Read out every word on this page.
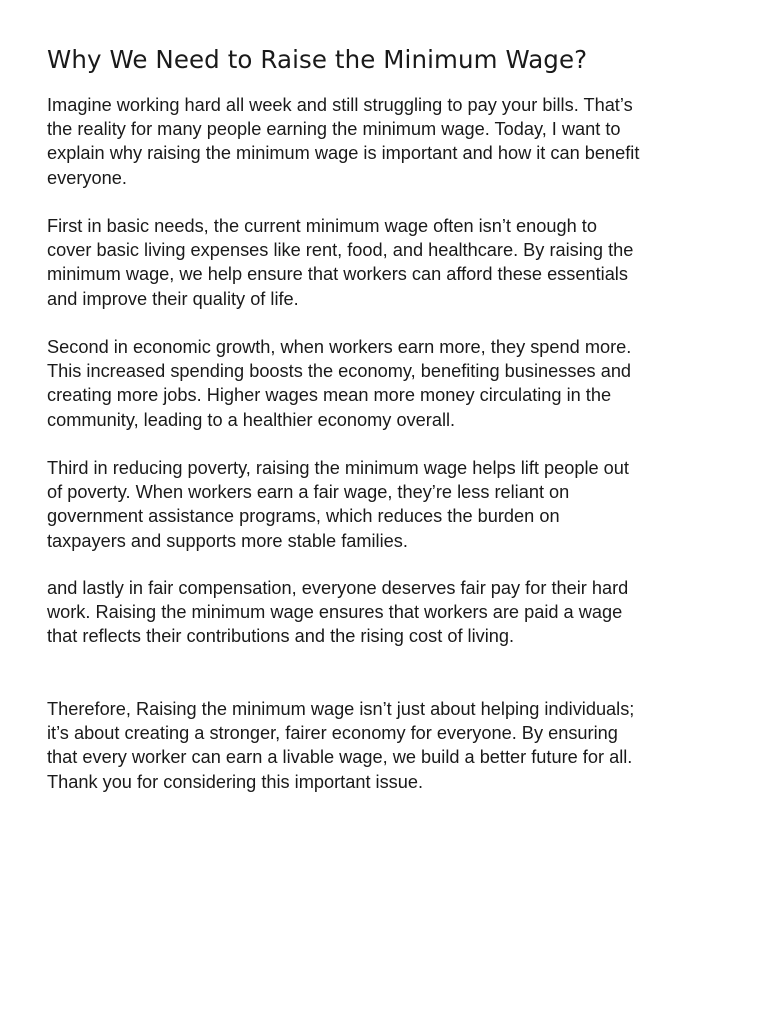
Why We Need to Raise the Minimum Wage?

Imagine working hard all week and still struggling to pay your bills. That’s
the reality for many people earning the minimum wage. Today, I want to
explain why raising the minimum wage is important and how it can benefit
everyone.

First in basic needs, the current minimum wage often isn’t enough to
cover basic living expenses like rent, food, and healthcare. By raising the
minimum wage, we help ensure that workers can afford these essentials
and improve their quality of life.

Second in economic growth, when workers earn more, they spend more.
This increased spending boosts the economy, benefiting businesses and
creating more jobs. Higher wages mean more money circulating in the
community, leading to a healthier economy overall.

Third in reducing poverty, raising the minimum wage helps lift people out
of poverty. When workers earn a fair wage, they’re less reliant on
government assistance programs, which reduces the burden on
taxpayers and supports more stable families.

and lastly in fair compensation, everyone deserves fair pay for their hard
work. Raising the minimum wage ensures that workers are paid a wage
that reflects their contributions and the rising cost of living.

Therefore, Raising the minimum wage isn’t just about helping individuals;
it’s about creating a stronger, fairer economy for everyone. By ensuring
that every worker can earn a livable wage, we build a better future for all.
Thank you for considering this important issue.
